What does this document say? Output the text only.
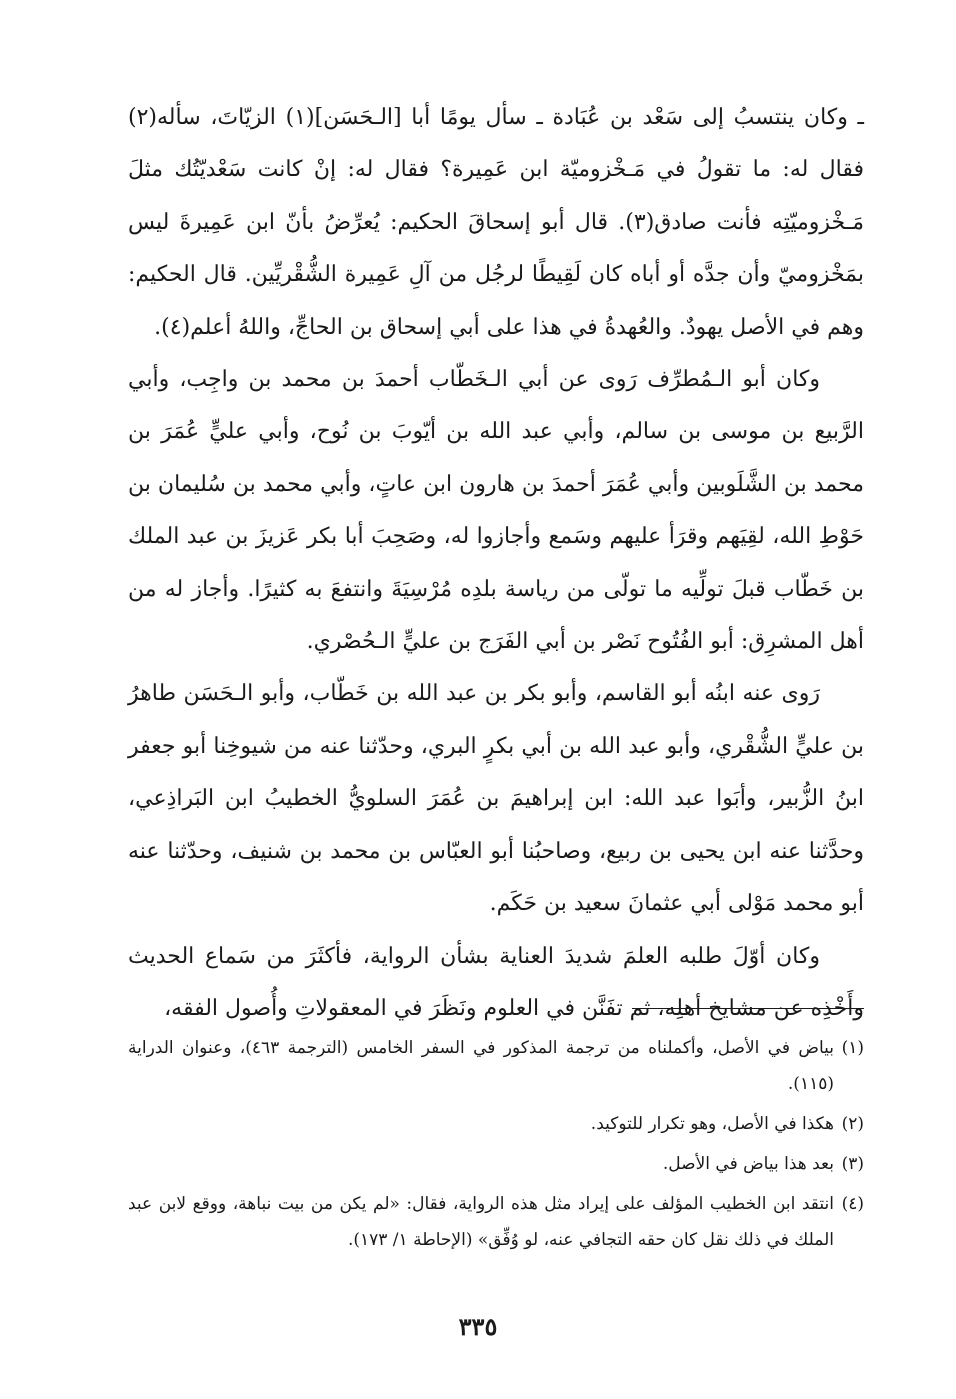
ـ وكان ينتسبُ إلى سَعْد بن عُبَادة ـ سأل يومًا أبا [الـحَسَن](١) الزيّاتَ، سأله(٢) فقال له: ما تقولُ في مَـخْزوميّة ابن عَمِيرة؟ فقال له: إنْ كانت سَعْديّتُك مثلَ مَـخْزوميّتِه فأنت صادق(٣). قال أبو إسحاقَ الحكيم: يُعرِّضُ بأنّ ابن عَمِيرةَ ليس بمَخْزوميّ وأن جدَّه أو أباه كان لَقِيطًا لرجُل من آلِ عَمِيرة الشُّقْريِّين. قال الحكيم: وهم في الأصل يهودٌ. والعُهدةُ في هذا على أبي إسحاق بن الحاجِّ، واللهُ أعلم(٤).

وكان أبو الـمُطرِّف رَوى عن أبي الـخَطّاب أحمدَ بن محمد بن واجِب، وأبي الرَّبيع بن موسى بن سالم، وأبي عبد الله بن أيّوبَ بن نُوح، وأبي عليٍّ عُمَرَ بن محمد بن الشَّلَوبين وأبي عُمَرَ أحمدَ بن هارون ابن عاتٍ، وأبي محمد بن سُليمان بن حَوْطِ الله، لقِيَهم وقرَأ عليهم وسَمع وأجازوا له، وصَحِبَ أبا بكر عَزيزَ بن عبد الملك بن خَطّاب قبلَ تولِّيه ما تولّى من رياسة بلدِه مُرْسِيَةَ وانتفعَ به كثيرًا. وأجاز له من أهل المشرِق: أبو الفُتُوح نَصْر بن أبي الفَرَج بن عليٍّ الـحُصْري.

رَوى عنه ابنُه أبو القاسم، وأبو بكر بن عبد الله بن خَطّاب، وأبو الـحَسَن طاهرُ بن عليٍّ الشُّقْري، وأبو عبد الله بن أبي بكرٍ البري، وحدّثنا عنه من شيوخِنا أبو جعفر ابنُ الزُّبير، وأبَوا عبد الله: ابن إبراهيمَ بن عُمَرَ السلويُّ الخطيبُ ابن البَراذِعي، وحدَّثنا عنه ابن يحيى بن ربيع، وصاحبُنا أبو العبّاس بن محمد بن شنيف، وحدّثنا عنه أبو محمد مَوْلى أبي عثمانَ سعيد بن حَكَم.

وكان أوّلَ طلبه العلمَ شديدَ العناية بشأن الرواية، فأكثَرَ من سَماع الحديث وأَخْذِه عن مشايخ أهلِه، ثم تفَنَّن في العلوم ونَظَرَ في المعقولاتِ وأُصول الفقه،

(١)
بياض في الأصل، وأكملناه من ترجمة المذكور في السفر الخامس (الترجمة ٤٦٣)، وعنوان الدراية (١١٥).

(٢)
هكذا في الأصل، وهو تكرار للتوكيد.

(٣)
بعد هذا بياض في الأصل.

(٤)
انتقد ابن الخطيب المؤلف على إيراد مثل هذه الرواية، فقال: «لم يكن من بيت نباهة، ووقع لابن عبد الملك في ذلك نقل كان حقه التجافي عنه، لو وُفِّق» (الإحاطة ١/ ١٧٣).

٣٣٥
